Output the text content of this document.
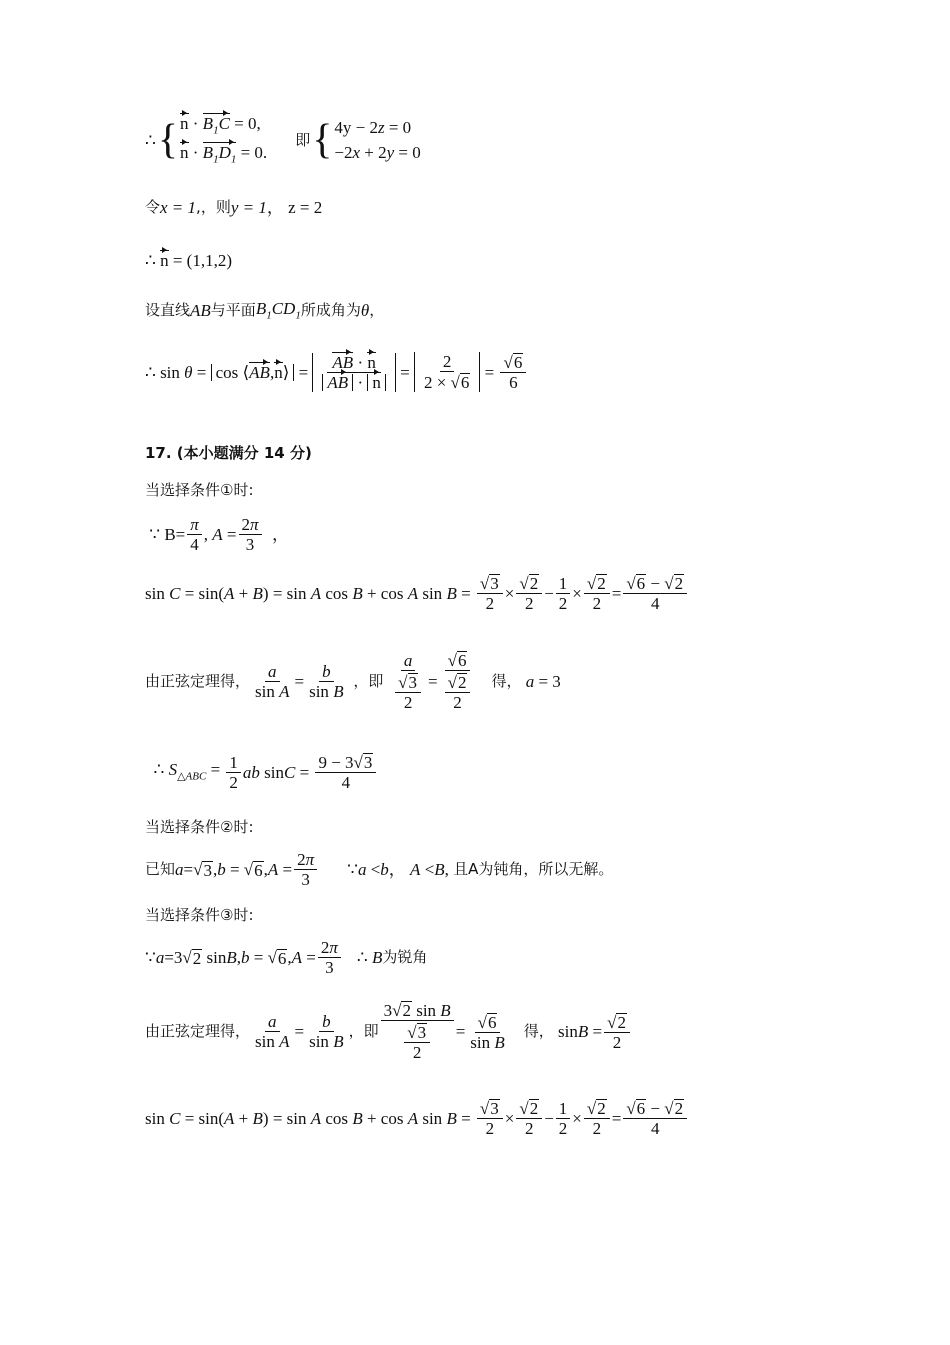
∴ { $n \cdot B_1C = 0$,
$n \cdot B_1D_1 = 0$.
即 { 4y − 2z = 0
−2x + 2y = 0
令 x = 1 ,，则 y = 1 ， z = 2
∴
n = (1,1,2)
设直线 AB 与平面 $B_1CD_1$ 所成角为 θ ，
∴ sin θ = cos ⟨ AB , n ⟩ = $\frac{AB \cdot n}{AB \cdot n} = \frac{2}{2 \times √ 6} = \frac{√ 6}{6}$
17. (本小题满分 14 分)
当选择条件①时:
∵ $B= \frac{\pi}{4}$ , $A = \frac{2\pi}{3}$ ，
sin C = sin(A + B) = sin A cos B + cos A $\sin B = \frac{√ 3}{2} \times \frac{√ 2}{2} - \frac{1}{2} \times \frac{√ 2}{2} = \frac{√ 6 - √ 2}{4}$
由正弦定理得， $\frac{a}{\text{sin A}} = \frac{b}{\text{sin B}}$ ，即 $\frac{a}{\frac{√ 3}{2}} = \frac{√ 6}{\frac{√ 2}{2}}$ 得，
a = 3
∴ $S_{\triangle ABC} = \frac{1}{2}$ ab $\sin C = \frac{9 - 3√ 3}{4}$
当选择条件②时:
已知 a =√ 3 , b = √ 6 , $A = \frac{2\pi}{3}$ ∵ a < b ， A < B , 且A为钝角，所以无解。
当选择条件③时:
∵ a =3√ 2 sin B , b = √ 6 , $A = \frac{2\pi}{3}$ ∴ B 为锐角
由正弦定理得， $\frac{a}{\text{sin A}} = \frac{b}{\text{sin B}}$ ，即 $\frac{\text{3√ 2 sin B}}{\frac{√ 3}{2}} = \frac{√ 6}{\text{sin B}}$ 得， $\sin B = \frac{√ 2}{2}$
sin C = sin(A + B) = sin A cos B + cos A $\sin B = \frac{√ 3}{2} \times \frac{√ 2}{2} - \frac{1}{2} \times \frac{√ 2}{2} = \frac{√ 6 - √ 2}{4}$
